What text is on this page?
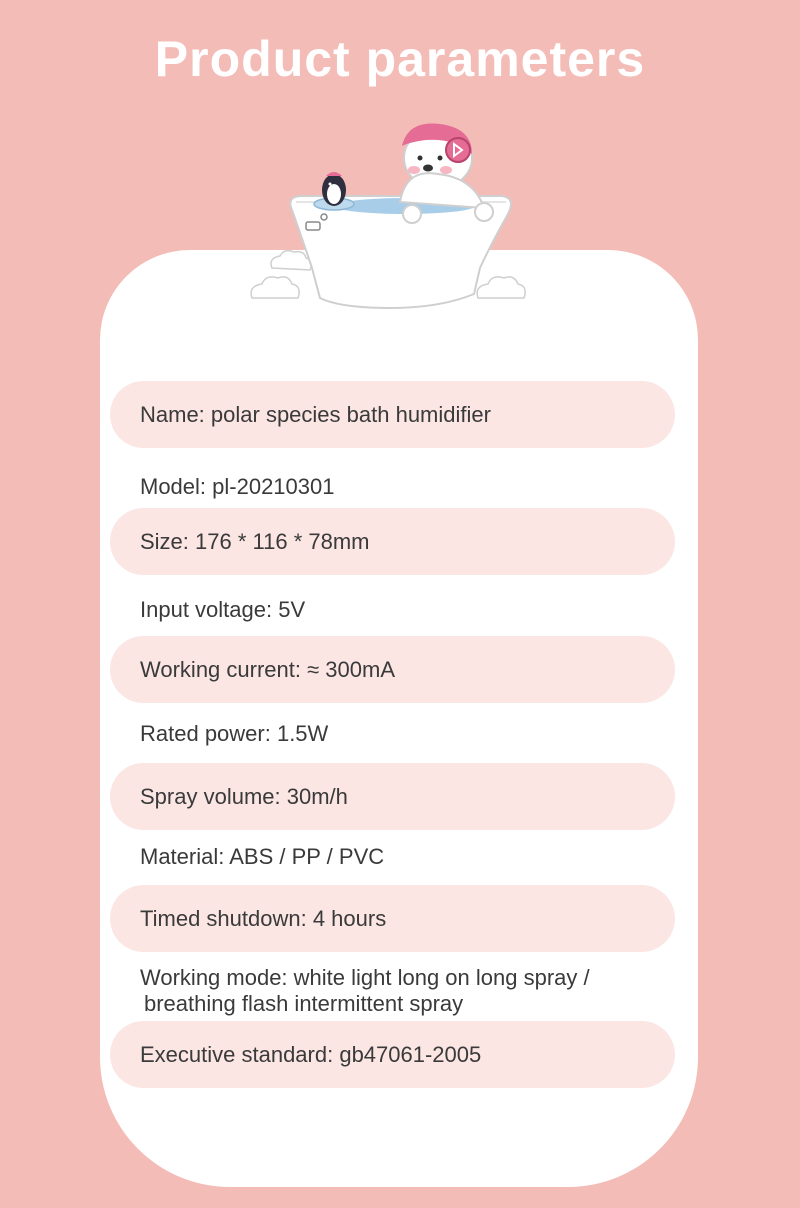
Product parameters
Name: polar species bath humidifier
Model: pl-20210301
Size: 176 * 116 * 78mm
Input voltage: 5V
Working current: ≈ 300mA
Rated power: 1.5W
Spray volume: 30m/h
Material: ABS / PP / PVC
Timed shutdown: 4 hours
Working mode: white light long on long spray /
breathing flash intermittent spray
Executive standard: gb47061-2005
